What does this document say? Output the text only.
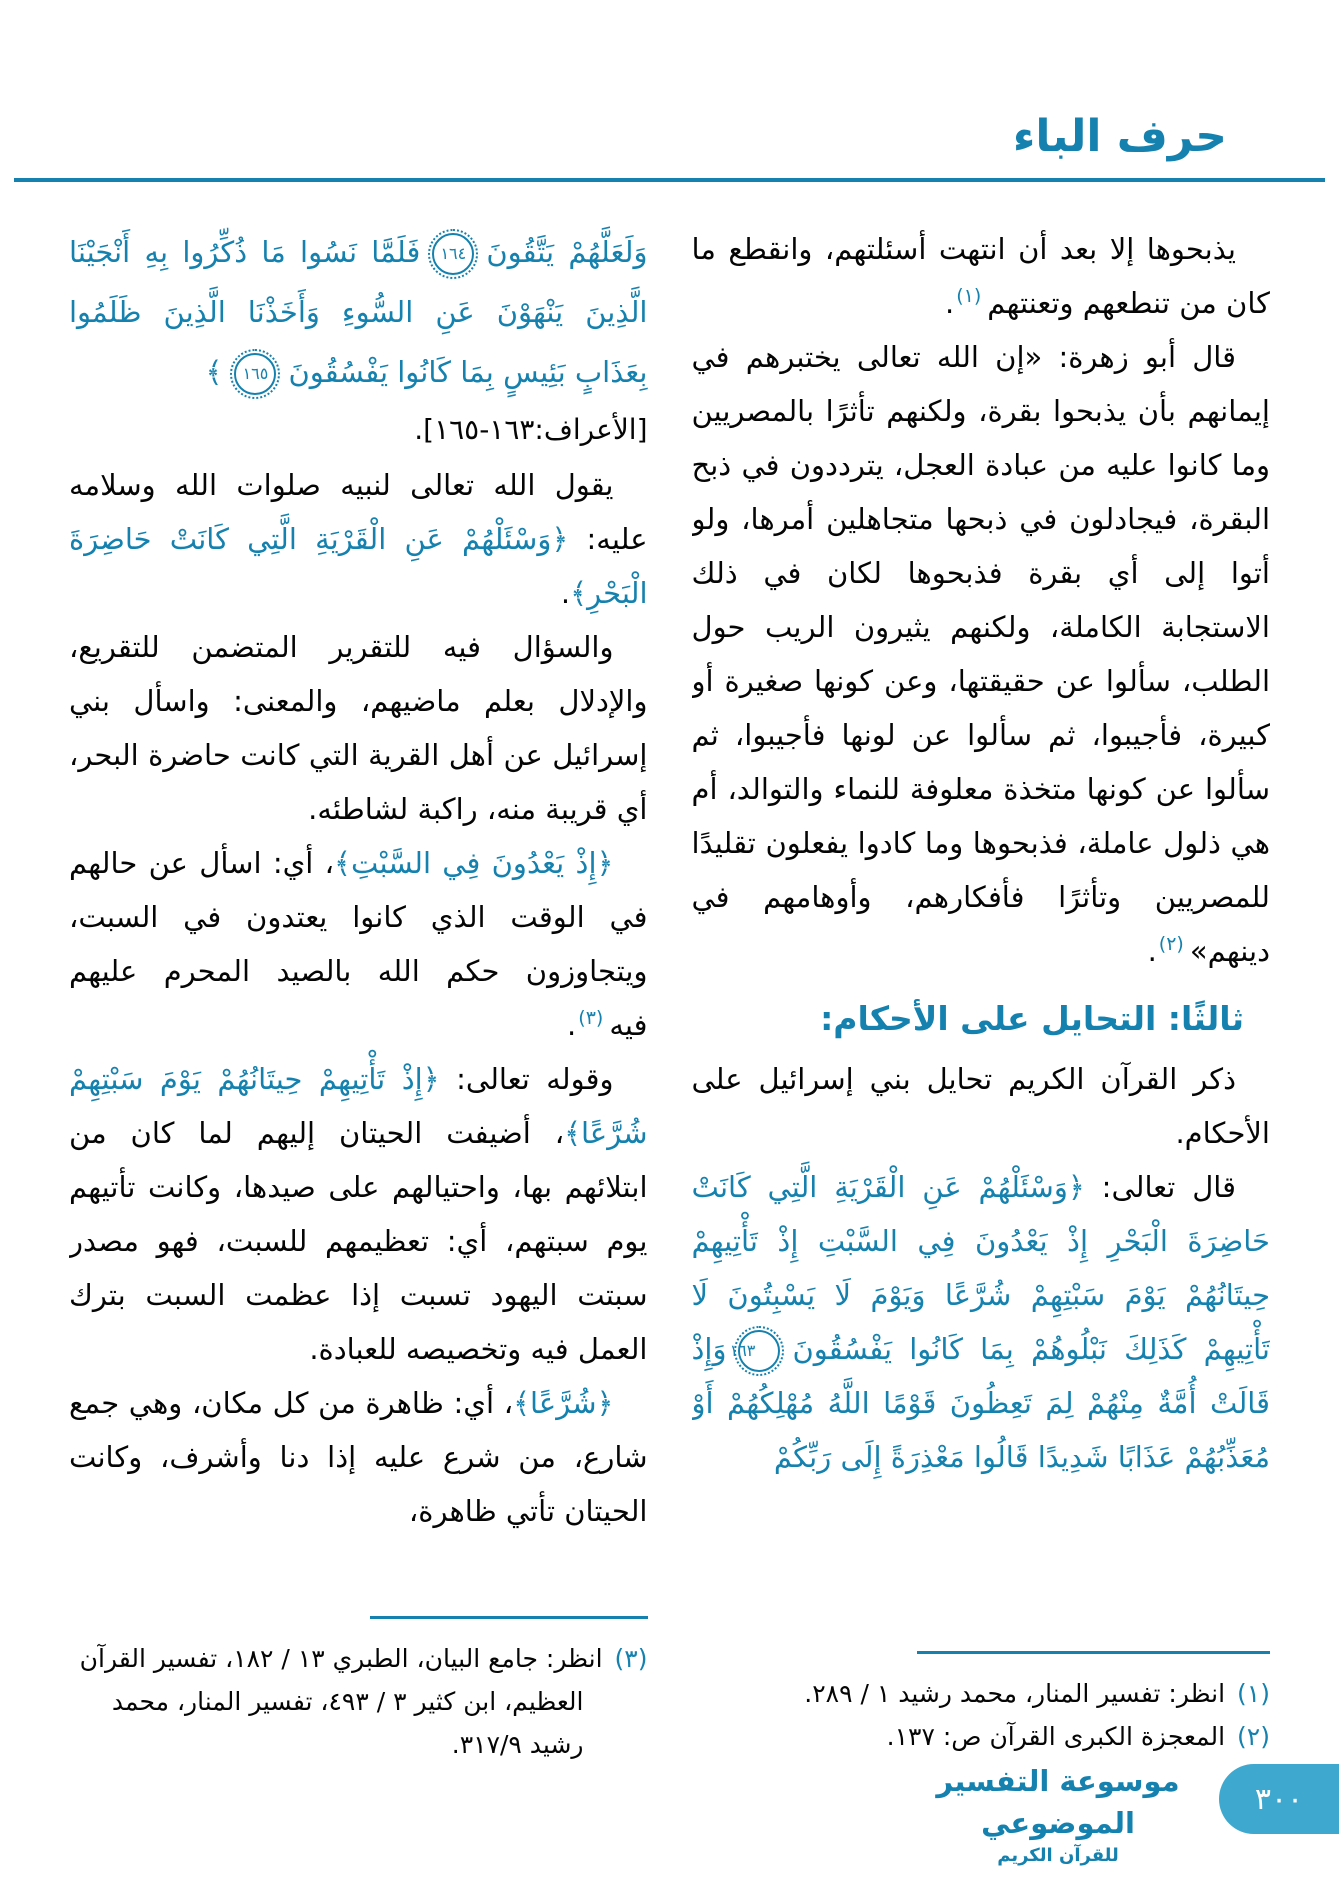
حرف الباء

يذبحوها إلا بعد أن انتهت أسئلتهم، وانقطع ما كان من تنطعهم وتعنتهم$^{(١)}$.

قال أبو زهرة: «إن الله تعالى يختبرهم في إيمانهم بأن يذبحوا بقرة، ولكنهم تأثرًا بالمصريين وما كانوا عليه من عبادة العجل، يترددون في ذبح البقرة، فيجادلون في ذبحها متجاهلين أمرها، ولو أتوا إلى أي بقرة فذبحوها لكان في ذلك الاستجابة الكاملة، ولكنهم يثيرون الريب حول الطلب، سألوا عن حقيقتها، وعن كونها صغيرة أو كبيرة، فأجيبوا، ثم سألوا عن لونها فأجيبوا، ثم سألوا عن كونها متخذة معلوفة للنماء والتوالد، أم هي ذلول عاملة، فذبحوها وما كادوا يفعلون تقليدًا للمصريين وتأثرًا فأفكارهم، وأوهامهم في دينهم»$^{(٢)}$.

ثالثًا: التحايل على الأحكام:

ذكر القرآن الكريم تحايل بني إسرائيل على الأحكام.

قال تعالى: ﴿وَسْئَلْهُمْ عَنِ الْقَرْيَةِ الَّتِي كَانَتْ حَاضِرَةَ الْبَحْرِ إِذْ يَعْدُونَ فِي السَّبْتِ إِذْ تَأْتِيهِمْ حِيتَانُهُمْ يَوْمَ سَبْتِهِمْ شُرَّعًا وَيَوْمَ لَا يَسْبِتُونَ لَا تَأْتِيهِمْ كَذَلِكَ نَبْلُوهُمْ بِمَا كَانُوا يَفْسُقُونَ١٦٣وَإِذْ قَالَتْ أُمَّةٌ مِنْهُمْ لِمَ تَعِظُونَ قَوْمًا اللَّهُ مُهْلِكُهُمْ أَوْ مُعَذِّبُهُمْ عَذَابًا شَدِيدًا قَالُوا مَعْذِرَةً إِلَى رَبِّكُمْ

(١)انظر: تفسير المنار، محمد رشيد ١ / ٢٨٩.
(٢)المعجزة الكبرى القرآن ص: ١٣٧.

وَلَعَلَّهُمْ يَتَّقُونَ١٦٤فَلَمَّا نَسُوا مَا ذُكِّرُوا بِهِ أَنْجَيْنَا الَّذِينَ يَنْهَوْنَ عَنِ السُّوءِ وَأَخَذْنَا الَّذِينَ ظَلَمُوا بِعَذَابٍ بَئِيسٍ بِمَا كَانُوا يَفْسُقُونَ١٦٥﴾

[الأعراف:١٦٣-١٦٥].

يقول الله تعالى لنبيه صلوات الله وسلامه عليه: ﴿وَسْئَلْهُمْ عَنِ الْقَرْيَةِ الَّتِي كَانَتْ حَاضِرَةَ الْبَحْرِ﴾.

والسؤال فيه للتقرير المتضمن للتقريع، والإدلال بعلم ماضيهم، والمعنى: واسأل بني إسرائيل عن أهل القرية التي كانت حاضرة البحر، أي قريبة منه، راكبة لشاطئه.

﴿إِذْ يَعْدُونَ فِي السَّبْتِ﴾، أي: اسأل عن حالهم في الوقت الذي كانوا يعتدون في السبت، ويتجاوزون حكم الله بالصيد المحرم عليهم فيه$^{(٣)}$.

وقوله تعالى: ﴿إِذْ تَأْتِيهِمْ حِيتَانُهُمْ يَوْمَ سَبْتِهِمْ شُرَّعًا﴾، أضيفت الحيتان إليهم لما كان من ابتلائهم بها، واحتيالهم على صيدها، وكانت تأتيهم يوم سبتهم، أي: تعظيمهم للسبت، فهو مصدر سبتت اليهود تسبت إذا عظمت السبت بترك العمل فيه وتخصيصه للعبادة.

﴿شُرَّعًا﴾، أي: ظاهرة من كل مكان، وهي جمع شارع، من شرع عليه إذا دنا وأشرف، وكانت الحيتان تأتي ظاهرة،

(٣)انظر: جامع البيان، الطبري ١٣ / ١٨٢، تفسير القرآن العظيم، ابن كثير ٣ / ٤٩٣، تفسير المنار، محمد رشيد ٣١٧/٩.
موسوعة التفسير الموضوعي
للقرآن الكريم
٣٠٠
